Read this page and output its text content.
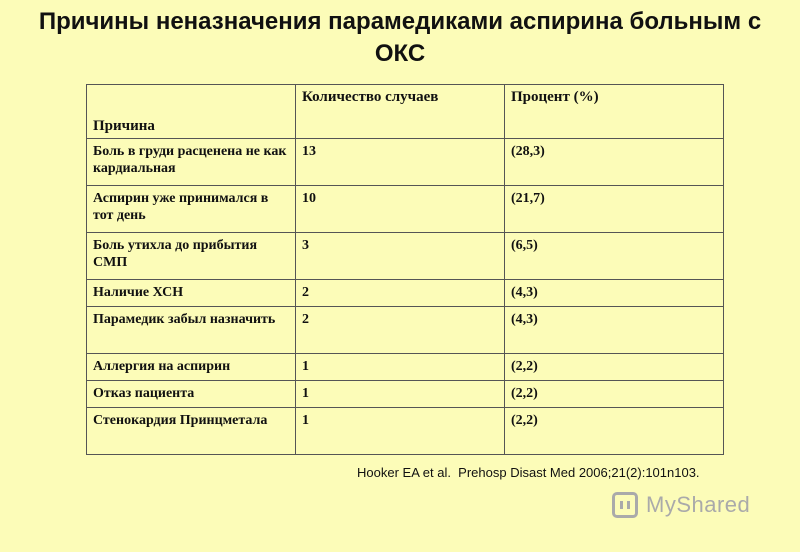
Причины неназначения парамедиками аспирина больным с
ОКС
Причина	Количество случаев	Процент (%)
Боль в груди расценена не как кардиальная	13	(28,3)
Аспирин уже принимался в тот день	10	(21,7)
Боль утихла до прибытия СМП	3	(6,5)
Наличие ХСН	2	(4,3)
Парамедик забыл назначить	2	(4,3)
Аллергия на аспирин	1	(2,2)
Отказ пациента	1	(2,2)
Стенокардия Принцметала	1	(2,2)
Hooker EA et al.  Prehosp Disast Med 2006;21(2):101n103.
MyShared
